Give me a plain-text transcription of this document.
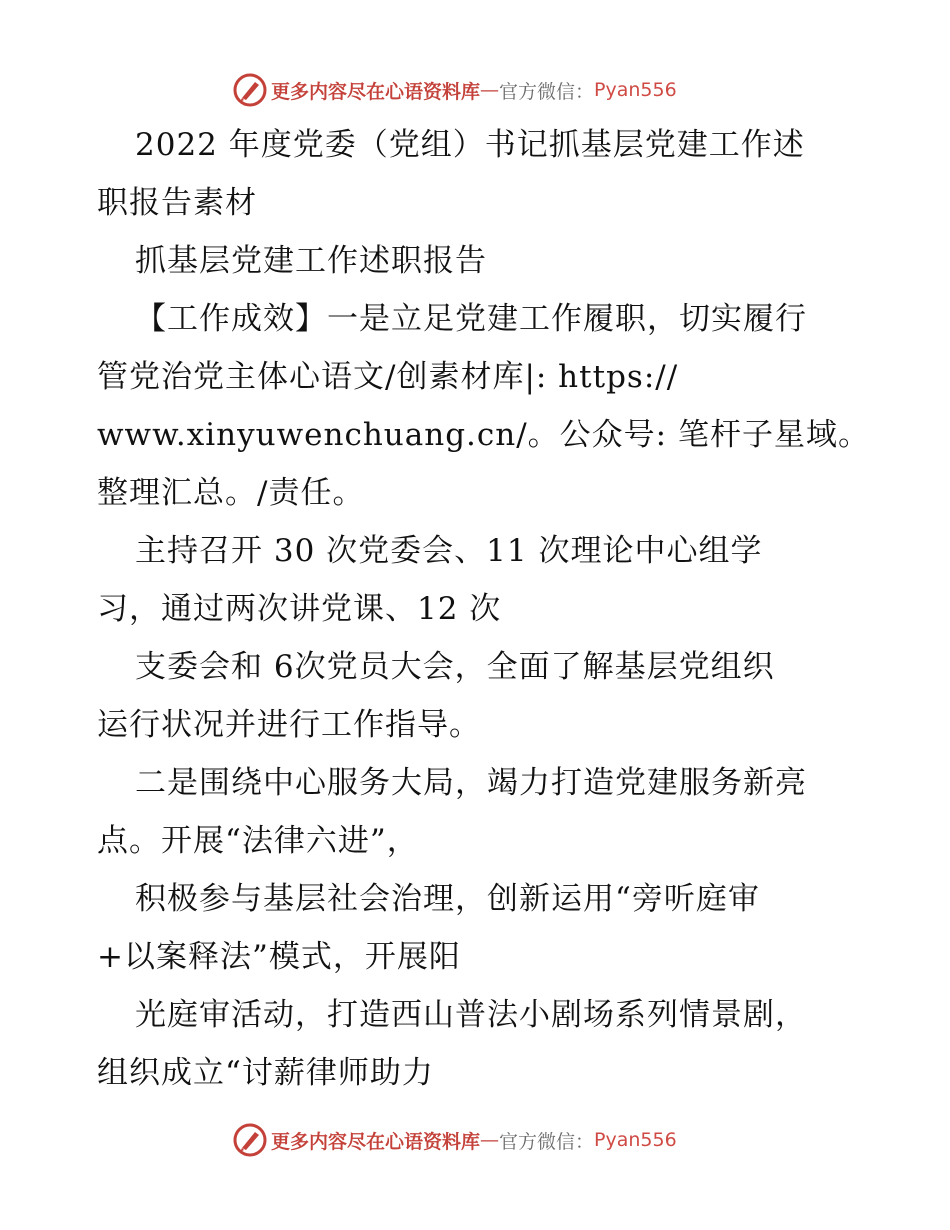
更多内容尽在心语资料库 — 官方微信： Pyan556
2022 年度党委（党组）书记抓基层党建工作述
职报告素材
抓基层党建工作述职报告
【工作成效】一是立足党建工作履职，切实履行
管党治党主体心语文/创素材库|: https://
www.xinyuwenchuang.cn/。公众号: 笔杆子星域。
整理汇总。/责任。
主持召开 30 次党委会、11 次理论中心组学
习，通过两次讲党课、12 次
支委会和 6次党员大会，全面了解基层党组织
运行状况并进行工作指导。
二是围绕中心服务大局，竭力打造党建服务新亮
点。开展“法律六进”，
积极参与基层社会治理，创新运用“旁听庭审
+以案释法”模式，开展阳
光庭审活动，打造西山普法小剧场系列情景剧，
组织成立“讨薪律师助力
更多内容尽在心语资料库 — 官方微信： Pyan556
